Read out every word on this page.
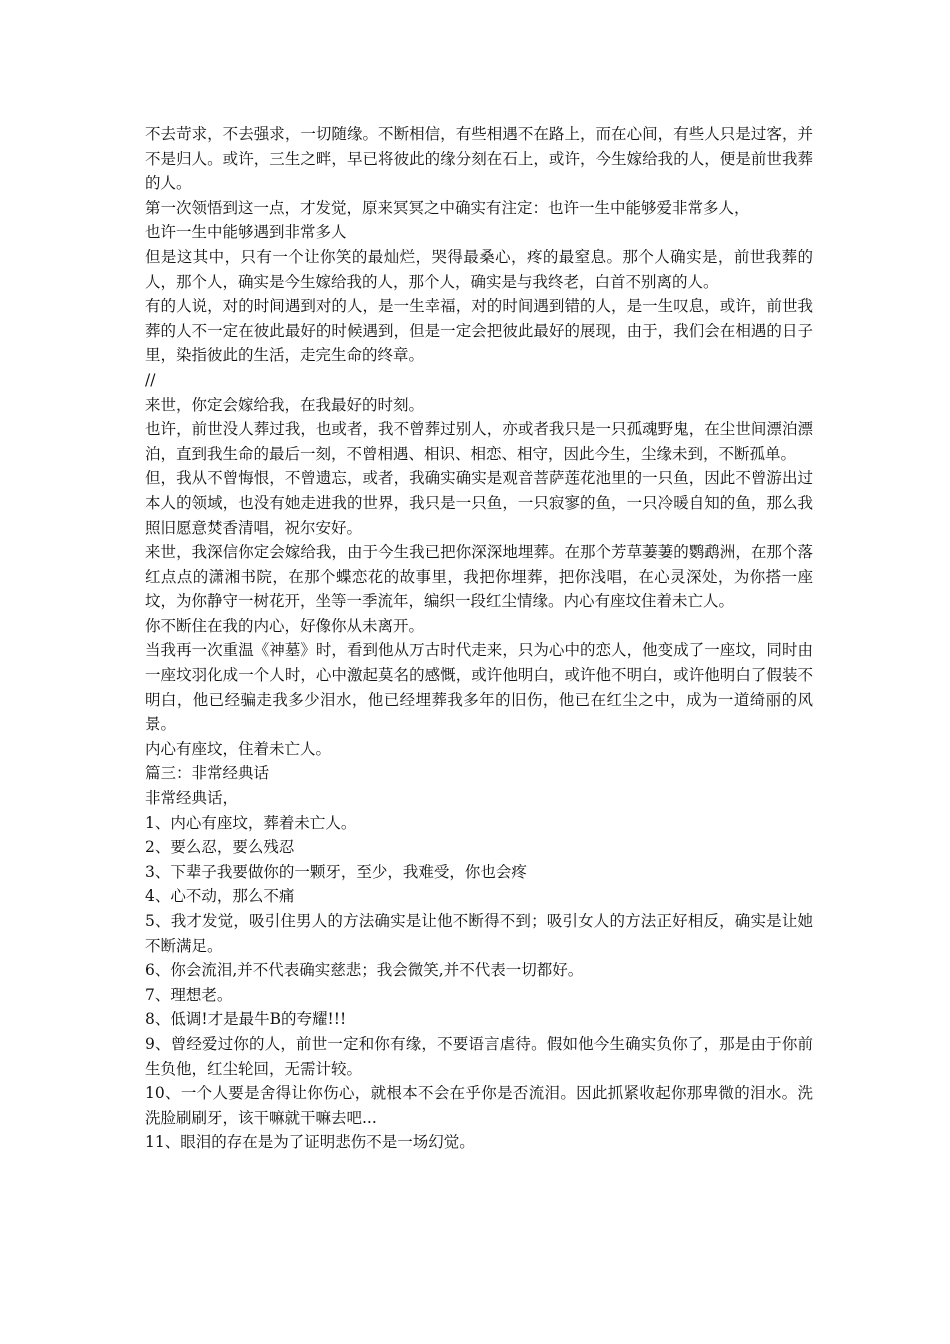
不去苛求，不去强求，一切随缘。不断相信，有些相遇不在路上，而在心间，有些人只是过客，并不是归人。或许，三生之畔，早已将彼此的缘分刻在石上，或许，今生嫁给我的人，便是前世我葬的人。

第一次领悟到这一点，才发觉，原来冥冥之中确实有注定：也许一生中能够爱非常多人，

也许一生中能够遇到非常多人

但是这其中，只有一个让你笑的最灿烂，哭得最桑心，疼的最窒息。那个人确实是，前世我葬的人，那个人，确实是今生嫁给我的人，那个人，确实是与我终老，白首不别离的人。

有的人说，对的时间遇到对的人，是一生幸福，对的时间遇到错的人，是一生叹息，或许，前世我葬的人不一定在彼此最好的时候遇到，但是一定会把彼此最好的展现，由于，我们会在相遇的日子里，染指彼此的生活，走完生命的终章。

//

来世，你定会嫁给我，在我最好的时刻。

也许，前世没人葬过我，也或者，我不曾葬过别人，亦或者我只是一只孤魂野鬼，在尘世间漂泊漂泊，直到我生命的最后一刻，不曾相遇、相识、相恋、相守，因此今生，尘缘未到，不断孤单。

但，我从不曾悔恨，不曾遗忘，或者，我确实确实是观音菩萨莲花池里的一只鱼，因此不曾游出过本人的领域，也没有她走进我的世界，我只是一只鱼，一只寂寥的鱼，一只冷暖自知的鱼，那么我照旧愿意焚香清唱，祝尔安好。

来世，我深信你定会嫁给我，由于今生我已把你深深地埋葬。在那个芳草萋萋的鹦鹉洲，在那个落红点点的潇湘书院，在那个蝶恋花的故事里，我把你埋葬，把你浅唱，在心灵深处，为你搭一座坟，为你静守一树花开，坐等一季流年，编织一段红尘情缘。内心有座坟住着未亡人。

你不断住在我的内心，好像你从未离开。

当我再一次重温《神墓》时，看到他从万古时代走来，只为心中的恋人，他变成了一座坟，同时由一座坟羽化成一个人时，心中激起莫名的感慨，或许他明白，或许他不明白，或许他明白了假装不明白，他已经骗走我多少泪水，他已经埋葬我多年的旧伤，他已在红尘之中，成为一道绮丽的风景。

内心有座坟，住着未亡人。

篇三：非常经典话

非常经典话，

1、内心有座坟，葬着未亡人。

2、要么忍，要么残忍

3、下辈子我要做你的一颗牙，至少，我难受，你也会疼

4、心不动，那么不痛

5、我才发觉，吸引住男人的方法确实是让他不断得不到；吸引女人的方法正好相反，确实是让她不断满足。

6、你会流泪,并不代表确实慈悲；我会微笑,并不代表一切都好。

7、理想老。

8、低调!才是最牛B的夸耀!!!

9、曾经爱过你的人，前世一定和你有缘，不要语言虐待。假如他今生确实负你了，那是由于你前生负他，红尘轮回，无需计较。

10、一个人要是舍得让你伤心，就根本不会在乎你是否流泪。因此抓紧收起你那卑微的泪水。洗洗脸刷刷牙，该干嘛就干嘛去吧...

11、眼泪的存在是为了证明悲伤不是一场幻觉。
